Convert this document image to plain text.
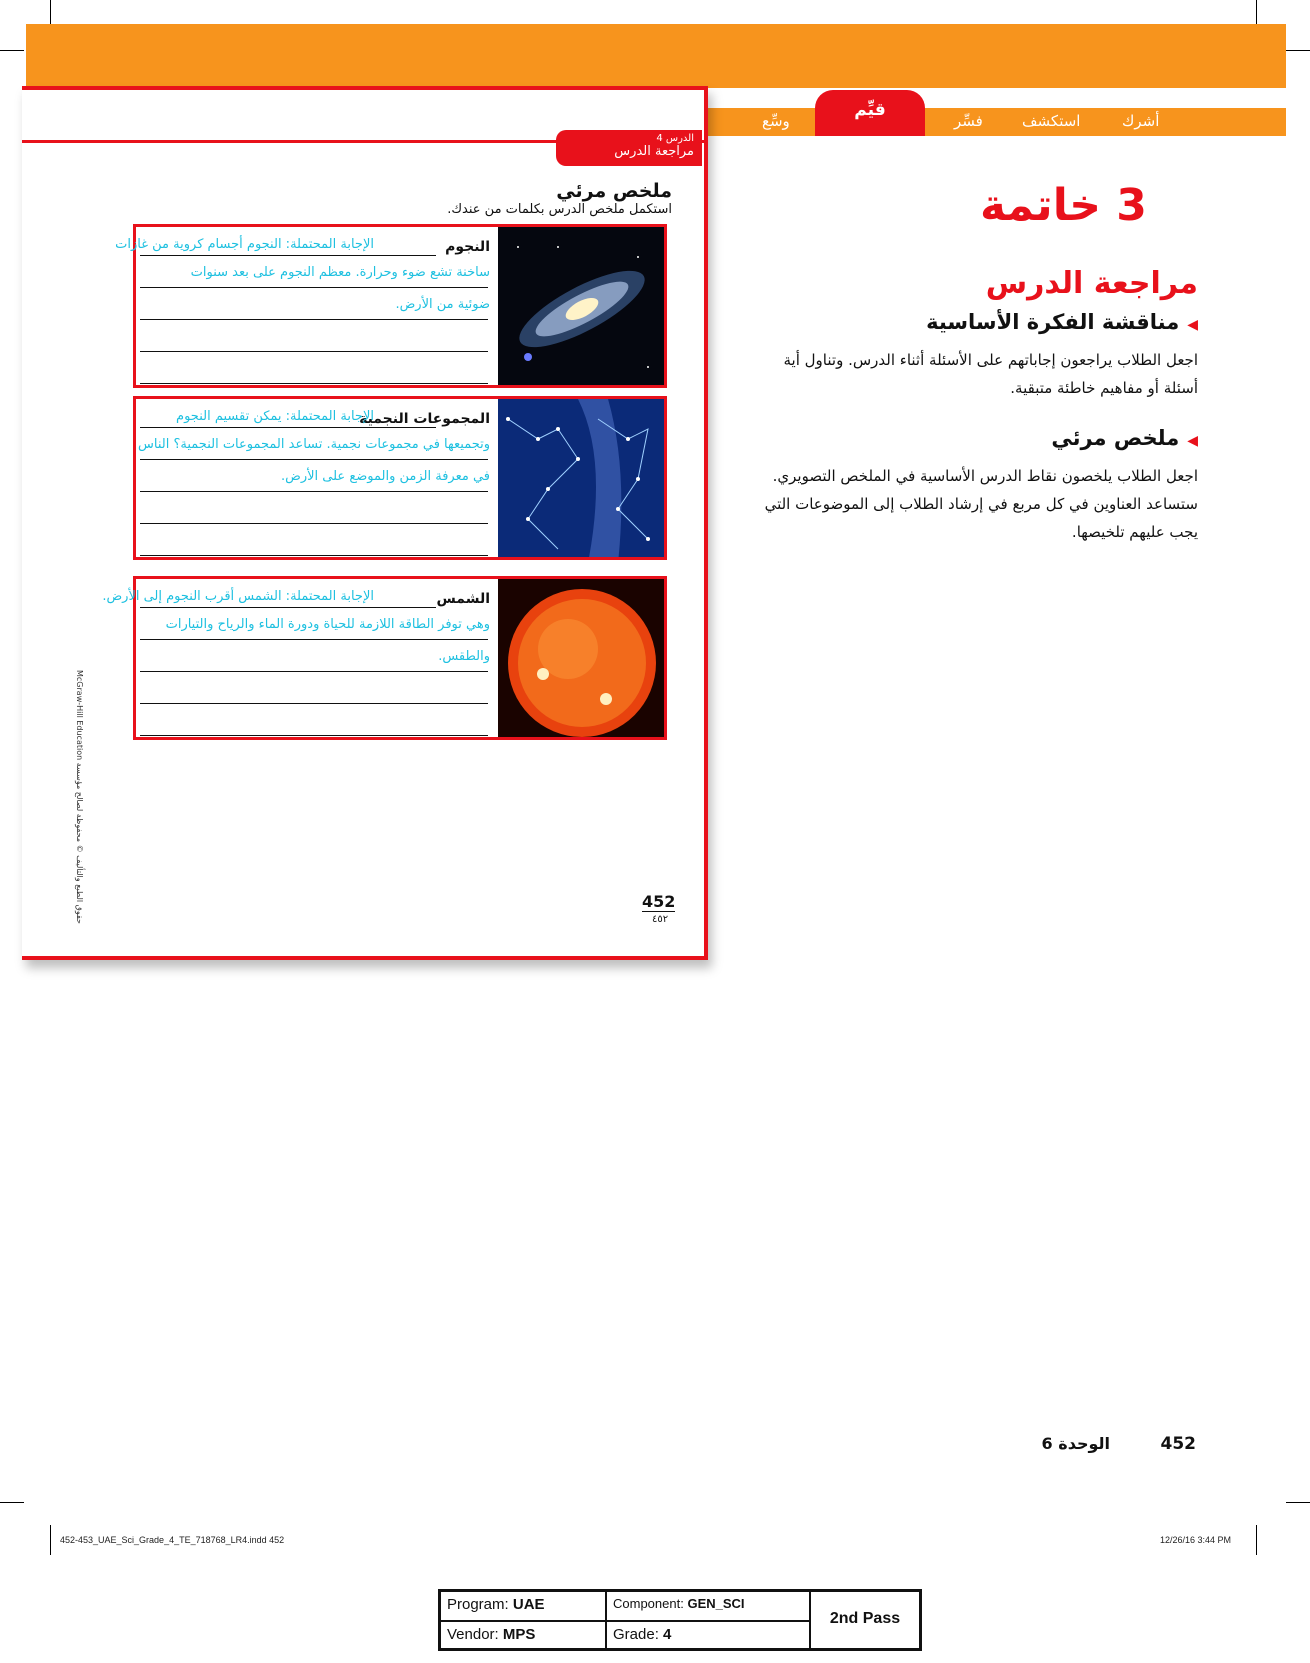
أشرك
استكشف
فسِّر
قيِّم
وسِّع
الدرس 4
مراجعة الدرس
ملخص مرئي
استكمل ملخص الدرس بكلمات من عندك.
النجوم
الإجابة المحتملة: النجوم أجسام كروية من غازات
ساخنة تشع ضوء وحرارة. معظم النجوم على بعد سنوات
ضوئية من الأرض.
المجموعات النجمية
الإجابة المحتملة: يمكن تقسيم النجوم
وتجميعها في مجموعات نجمية. تساعد المجموعات النجمية؟ الناس
في معرفة الزمن والموضع على الأرض.
الشمس
الإجابة المحتملة: الشمس أقرب النجوم إلى الأرض.
وهي توفر الطاقة اللازمة للحياة ودورة الماء والرياح والتيارات
والطقس.
McGraw-Hill Education حقوق الطبع والتأليف © محفوظة لصالح مؤسسة	452
٤٥٢
3 خاتمة
مراجعة الدرس
◀مناقشة الفكرة الأساسية
اجعل الطلاب يراجعون إجاباتهم على الأسئلة أثناء الدرس. وتناول أية أسئلة أو مفاهيم خاطئة متبقية.
◀ملخص مرئي
اجعل الطلاب يلخصون نقاط الدرس الأساسية في الملخص التصويري. ستساعد العناوين في كل مربع في إرشاد الطلاب إلى الموضوعات التي يجب عليهم تلخيصها.
452
الوحدة 6
452-453_UAE_Sci_Grade_4_TE_718768_LR4.indd 452	12/26/16 3:44 PM
Program: UAE	Component: GEN_SCI
Vendor: MPS	Grade: 4
2nd Pass
